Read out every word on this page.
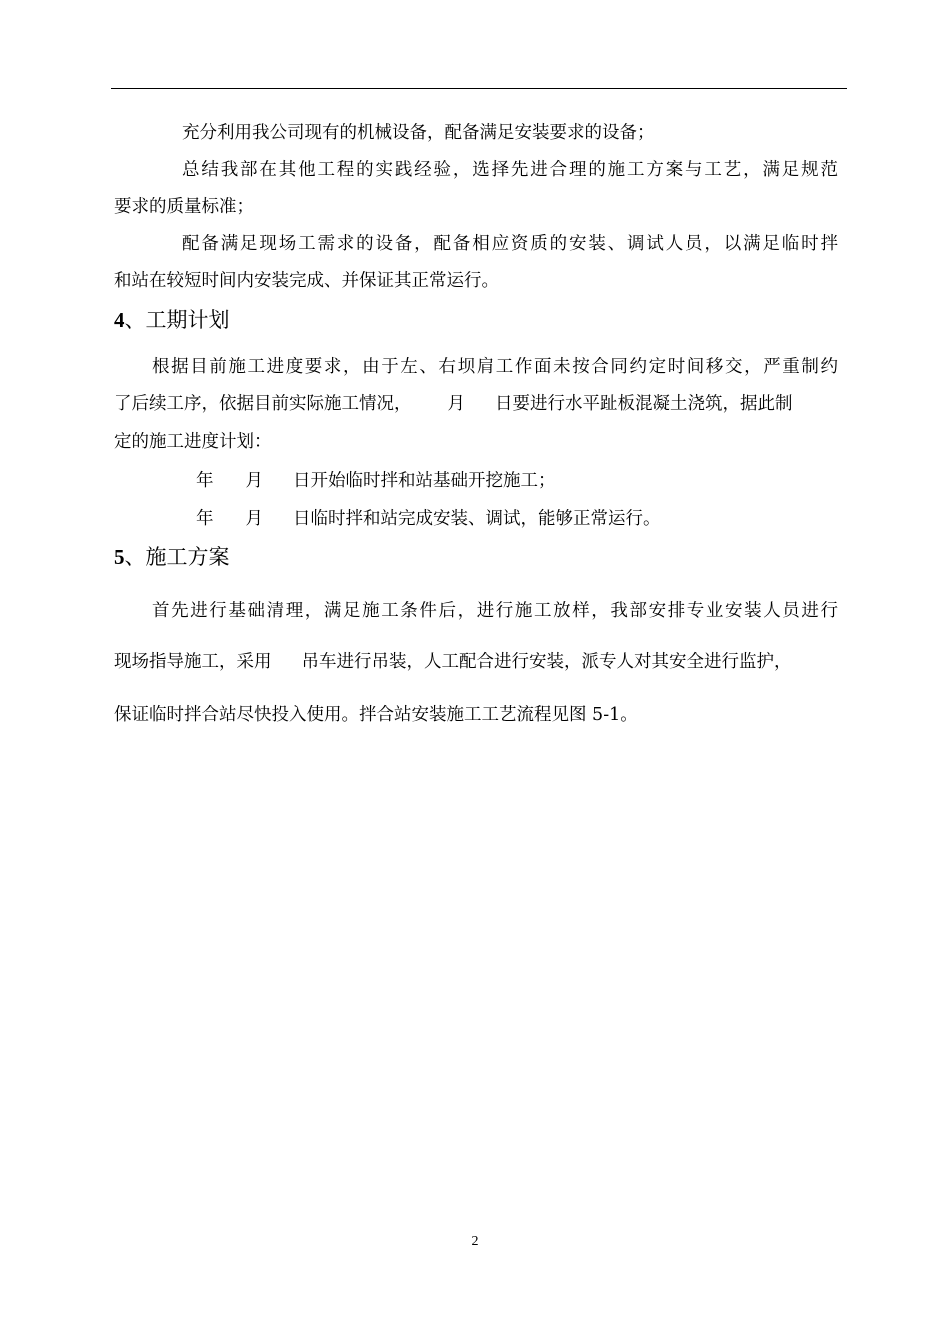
充分利用我公司现有的机械设备，配备满足安装要求的设备；
总结我部在其他工程的实践经验，选择先进合理的施工方案与工艺，满足规范
要求的质量标准；
配备满足现场工需求的设备，配备相应资质的安装、调试人员，以满足临时拌
和站在较短时间内安装完成、并保证其正常运行。
4、工期计划
根据目前施工进度要求，由于左、右坝肩工作面未按合同约定时间移交，严重制约
了后续工序，依据目前实际施工情况， 月 日要进行水平趾板混凝土浇筑，据此制
定的施工进度计划：
年 月 日开始临时拌和站基础开挖施工；
年 月 日临时拌和站完成安装、调试，能够正常运行。
5、施工方案
首先进行基础清理，满足施工条件后，进行施工放样，我部安排专业安装人员进行
现场指导施工，采用 吊车进行吊装，人工配合进行安装，派专人对其安全进行监护，
保证临时拌合站尽快投入使用。拌合站安装施工工艺流程见图 5-1。
2
